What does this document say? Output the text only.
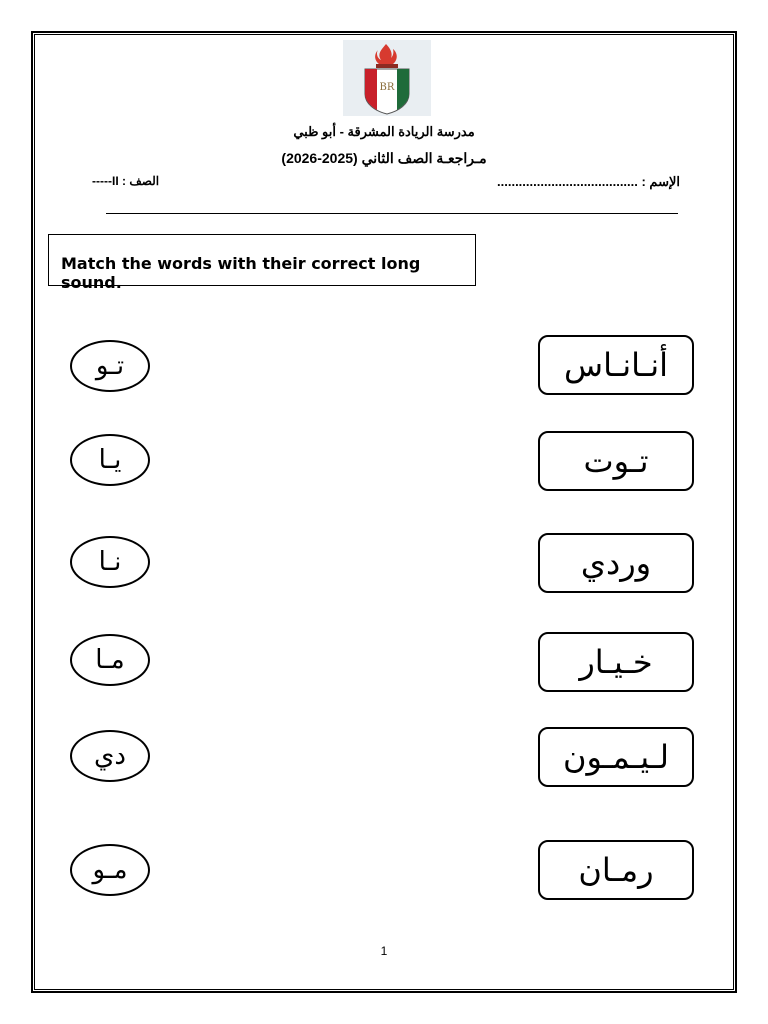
BR
مدرسة الريادة المشرقة - أبو ظبي
مـراجعـة الصف الثاني (2025-2026)
الإسم : .......................................
الصف : II-----
Match the words with their correct long sound.
تـو
يـا
نـا
مـا
دي
مـو
أنـانـاس
تـوت
وردي
خـيـار
لـيـمـون
رمـان
1
